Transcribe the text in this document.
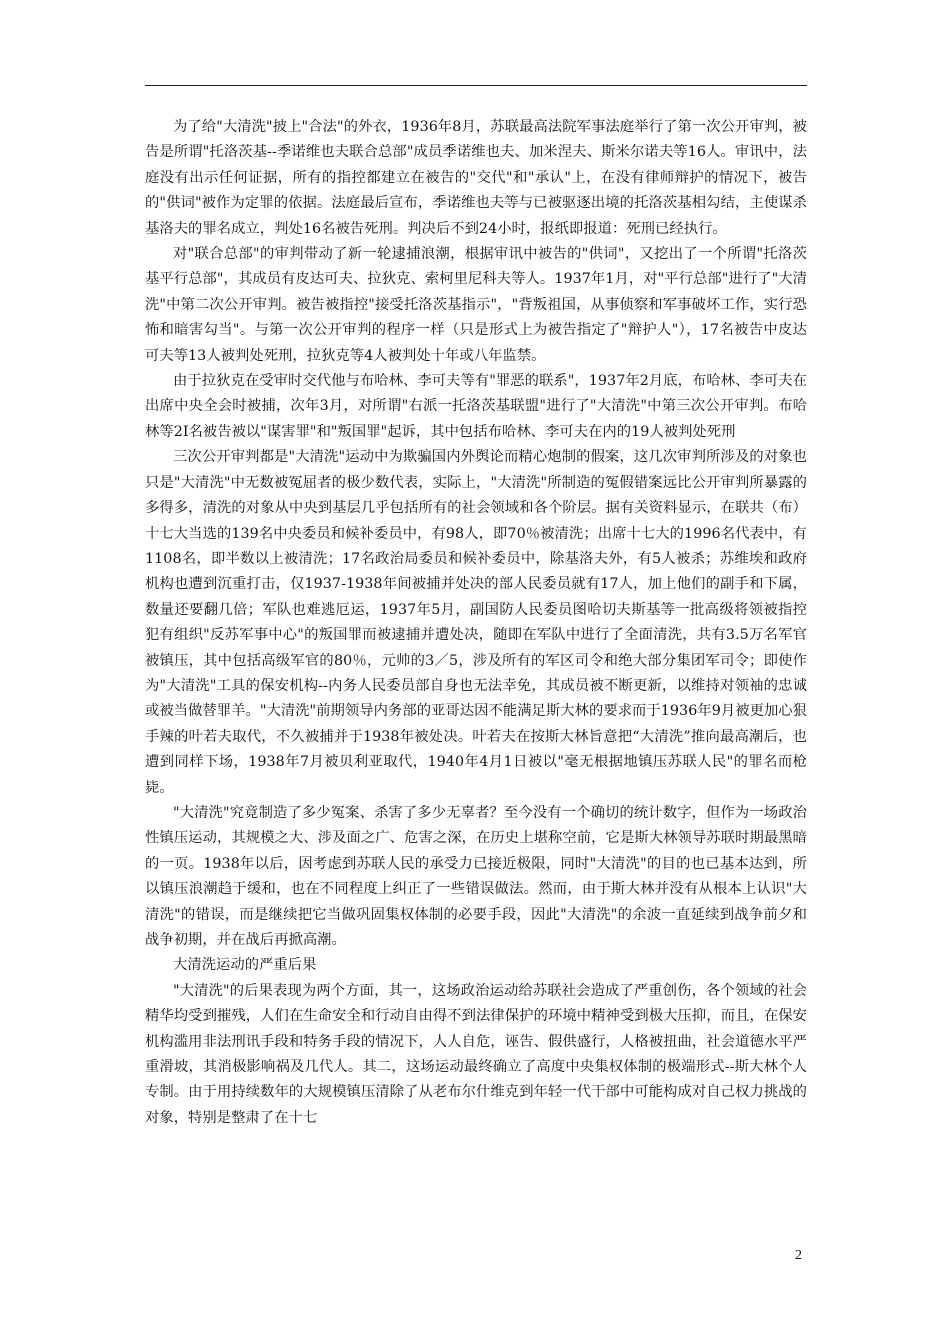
为了给"大清洗"披上"合法"的外衣，1936年8月，苏联最高法院军事法庭举行了第一次公开审判，被告是所谓"托洛茨基--季诺维也夫联合总部"成员季诺维也夫、加米涅夫、斯米尔诺夫等16人。审讯中，法庭没有出示任何证据，所有的指控都建立在被告的"交代"和"承认"上，在没有律师辩护的情况下，被告的"供词"被作为定罪的依据。法庭最后宣布，季诺维也夫等与已被驱逐出境的托洛茨基相勾结，主使谋杀基洛夫的罪名成立，判处16名被告死刑。判决后不到24小时，报纸即报道：死刑已经执行。

对"联合总部"的审判带动了新一轮逮捕浪潮，根据审讯中被告的"供词"，又挖出了一个所谓"托洛茨基平行总部"，其成员有皮达可夫、拉狄克、索柯里尼科夫等人。1937年1月，对"平行总部"进行了"大清洗"中第二次公开审判。被告被指控"接受托洛茨基指示"，"背叛祖国，从事侦察和军事破坏工作，实行恐怖和暗害勾当"。与第一次公开审判的程序一样（只是形式上为被告指定了"辩护人"），17名被告中皮达可夫等13人被判处死刑，拉狄克等4人被判处十年或八年监禁。

由于拉狄克在受审时交代他与布哈林、李可夫等有"罪恶的联系"，1937年2月底，布哈林、李可夫在出席中央全会时被捕，次年3月，对所谓"右派一托洛茨基联盟"进行了"大清洗"中第三次公开审判。布哈林等2I名被告被以"谋害罪"和"叛国罪"起诉，其中包括布哈林、李可夫在内的19人被判处死刑

三次公开审判都是"大清洗"运动中为欺骗国内外舆论而精心炮制的假案，这几次审判所涉及的对象也只是"大清洗"中无数被冤屈者的极少数代表，实际上，"大清洗"所制造的冤假错案远比公开审判所暴露的多得多，清洗的对象从中央到基层几乎包括所有的社会领域和各个阶层。据有关资料显示，在联共（布）十七大当选的139名中央委员和候补委员中，有98人，即70％被清洗；出席十七大的1996名代表中，有1108名，即半数以上被清洗；17名政治局委员和候补委员中，除基洛夫外，有5人被杀；苏维埃和政府机构也遭到沉重打击，仅1937-1938年间被捕并处决的部人民委员就有17人，加上他们的副手和下属，数量还要翻几倍；军队也难逃厄运，1937年5月，副国防人民委员图哈切夫斯基等一批高级将领被指控犯有组织"反苏军事中心"的叛国罪而被逮捕并遭处决，随即在军队中进行了全面清洗，共有3.5万名军官被镇压，其中包括高级军官的80％，元帅的3／5，涉及所有的军区司令和绝大部分集团军司令；即使作为"大清洗"工具的保安机构--内务人民委员部自身也无法幸免，其成员被不断更新，以维持对领袖的忠诚或被当做替罪羊。"大清洗"前期领导内务部的亚哥达因不能满足斯大林的要求而于1936年9月被更加心狠手辣的叶若夫取代，不久被捕并于1938年被处决。叶若夫在按斯大林旨意把“大清洗”推向最高潮后，也遭到同样下场，1938年7月被贝利亚取代，1940年4月1日被以"毫无根据地镇压苏联人民"的罪名而枪毙。

"大清洗"究竟制造了多少冤案、杀害了多少无辜者？至今没有一个确切的统计数字，但作为一场政治性镇压运动，其规模之大、涉及面之广、危害之深，在历史上堪称空前，它是斯大林领导苏联时期最黑暗的一页。1938年以后，因考虑到苏联人民的承受力已接近极限，同时"大清洗"的目的也已基本达到，所以镇压浪潮趋于缓和，也在不同程度上纠正了一些错误做法。然而，由于斯大林并没有从根本上认识"大清洗"的错误，而是继续把它当做巩固集权体制的必要手段，因此"大清洗"的余波一直延续到战争前夕和战争初期，并在战后再掀高潮。

大清洗运动的严重后果

"大清洗"的后果表现为两个方面，其一，这场政治运动给苏联社会造成了严重创伤，各个领域的社会精华均受到摧残，人们在生命安全和行动自由得不到法律保护的环境中精神受到极大压抑，而且，在保安机构滥用非法刑讯手段和特务手段的情况下，人人自危，诬告、假供盛行，人格被扭曲，社会道德水平严重滑坡，其消极影响祸及几代人。其二，这场运动最终确立了高度中央集权体制的极端形式--斯大林个人专制。由于用持续数年的大规模镇压清除了从老布尔什维克到年轻一代干部中可能构成对自己权力挑战的对象，特别是整肃了在十七

2
